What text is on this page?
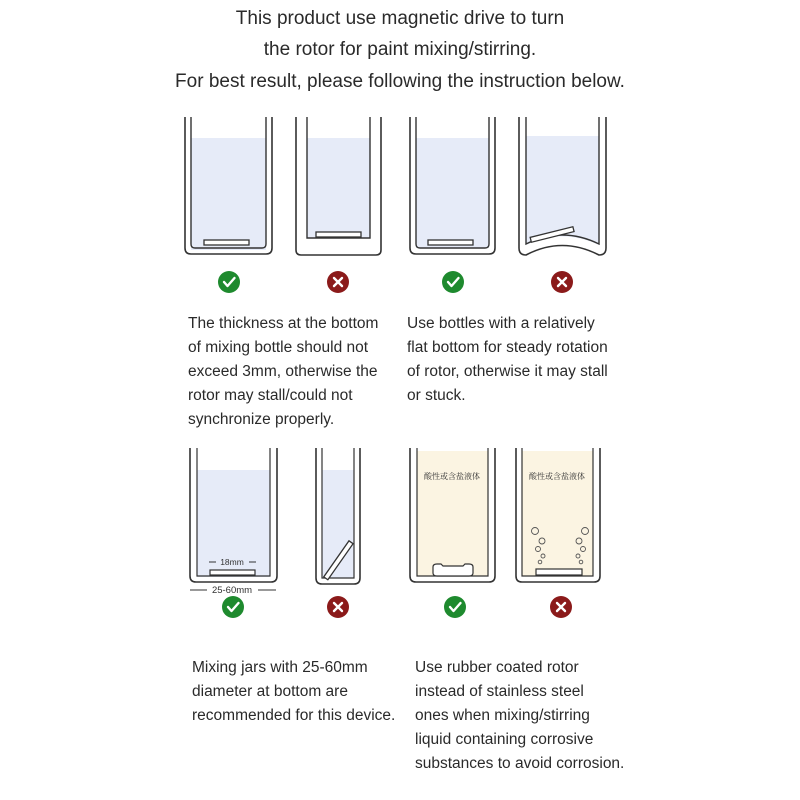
This product use magnetic drive to turn
the rotor for paint mixing/stirring.
For best result, please following the instruction below.
18mm
25-60mm
酸性或含盐液体	酸性或含盐液体
The thickness at the bottom
of mixing bottle should not
exceed 3mm, otherwise the
rotor may stall/could not
synchronize properly.
Use bottles with a relatively
flat bottom for steady rotation
of rotor, otherwise it may stall
or stuck.
Mixing jars with 25-60mm
diameter at bottom are
recommended for this device.
Use rubber coated rotor
instead of stainless steel
ones when mixing/stirring
liquid containing corrosive
substances to avoid corrosion.
